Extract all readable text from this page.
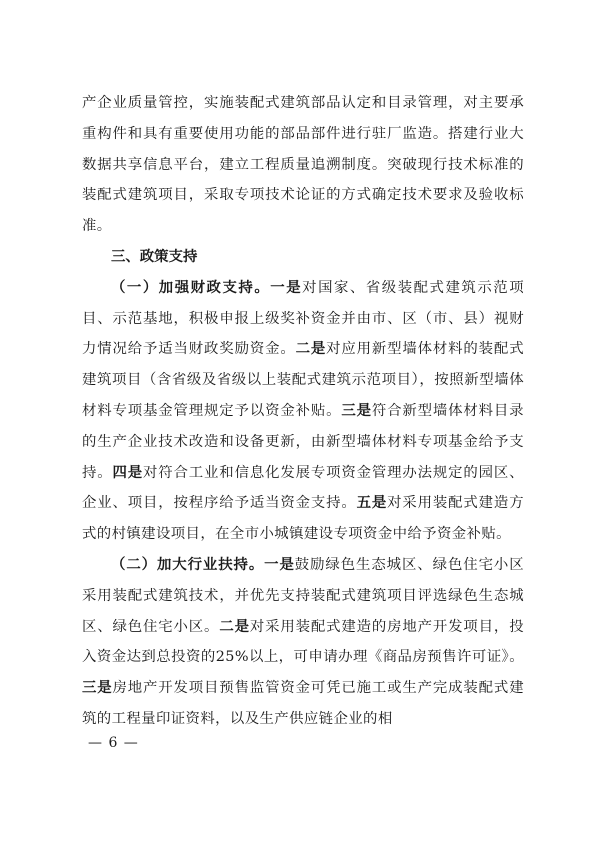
产企业质量管控，实施装配式建筑部品认定和目录管理，对主要承重构件和具有重要使用功能的部品部件进行驻厂监造。搭建行业大数据共享信息平台，建立工程质量追溯制度。突破现行技术标准的装配式建筑项目，采取专项技术论证的方式确定技术要求及验收标准。

三、政策支持

（一）加强财政支持。一是对国家、省级装配式建筑示范项目、示范基地，积极申报上级奖补资金并由市、区（市、县）视财力情况给予适当财政奖励资金。二是对应用新型墙体材料的装配式建筑项目（含省级及省级以上装配式建筑示范项目），按照新型墙体材料专项基金管理规定予以资金补贴。三是符合新型墙体材料目录的生产企业技术改造和设备更新，由新型墙体材料专项基金给予支持。四是对符合工业和信息化发展专项资金管理办法规定的园区、企业、项目，按程序给予适当资金支持。五是对采用装配式建造方式的村镇建设项目，在全市小城镇建设专项资金中给予资金补贴。

（二）加大行业扶持。一是鼓励绿色生态城区、绿色住宅小区采用装配式建筑技术，并优先支持装配式建筑项目评选绿色生态城区、绿色住宅小区。二是对采用装配式建造的房地产开发项目，投入资金达到总投资的25%以上，可申请办理《商品房预售许可证》。三是房地产开发项目预售监管资金可凭已施工或生产完成装配式建筑的工程量印证资料，以及生产供应链企业的相

— 6 —
